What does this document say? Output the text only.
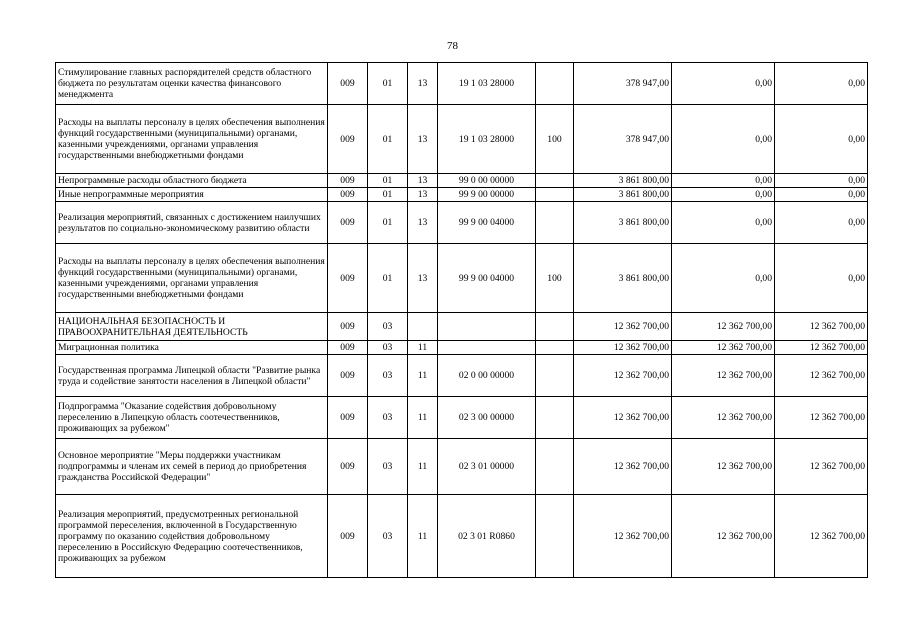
78
Стимулирование главных распорядителей средств областного бюджета по результатам оценки качества финансового менеджмента	009	01	13	19 1 03 28000		378 947,00	0,00	0,00
Расходы на выплаты персоналу в целях обеспечения выполнения функций государственными (муниципальными) органами, казенными учреждениями, органами управления государственными внебюджетными фондами	009	01	13	19 1 03 28000	100	378 947,00	0,00	0,00
Непрограммные расходы областного бюджета	009	01	13	99 0 00 00000		3 861 800,00	0,00	0,00
Иные непрограммные мероприятия	009	01	13	99 9 00 00000		3 861 800,00	0,00	0,00
Реализация мероприятий, связанных с достижением наилучших результатов по социально-экономическому развитию области	009	01	13	99 9 00 04000		3 861 800,00	0,00	0,00
Расходы на выплаты персоналу в целях обеспечения выполнения функций государственными (муниципальными) органами, казенными учреждениями, органами управления государственными внебюджетными фондами	009	01	13	99 9 00 04000	100	3 861 800,00	0,00	0,00
НАЦИОНАЛЬНАЯ БЕЗОПАСНОСТЬ И ПРАВООХРАНИТЕЛЬНАЯ ДЕЯТЕЛЬНОСТЬ	009	03				12 362 700,00	12 362 700,00	12 362 700,00
Миграционная политика	009	03	11			12 362 700,00	12 362 700,00	12 362 700,00
Государственная программа Липецкой области "Развитие рынка труда и содействие занятости населения в Липецкой области"	009	03	11	02 0 00 00000		12 362 700,00	12 362 700,00	12 362 700,00
Подпрограмма "Оказание содействия добровольному переселению в Липецкую область соотечественников, проживающих за рубежом"	009	03	11	02 3 00 00000		12 362 700,00	12 362 700,00	12 362 700,00
Основное мероприятие "Меры поддержки участникам подпрограммы и членам их семей в период до приобретения гражданства Российской Федерации"	009	03	11	02 3 01 00000		12 362 700,00	12 362 700,00	12 362 700,00
Реализация мероприятий, предусмотренных региональной программой переселения, включенной в Государственную программу по оказанию содействия добровольному переселению в Российскую Федерацию соотечественников, проживающих за рубежом	009	03	11	02 3 01 R0860		12 362 700,00	12 362 700,00	12 362 700,00
